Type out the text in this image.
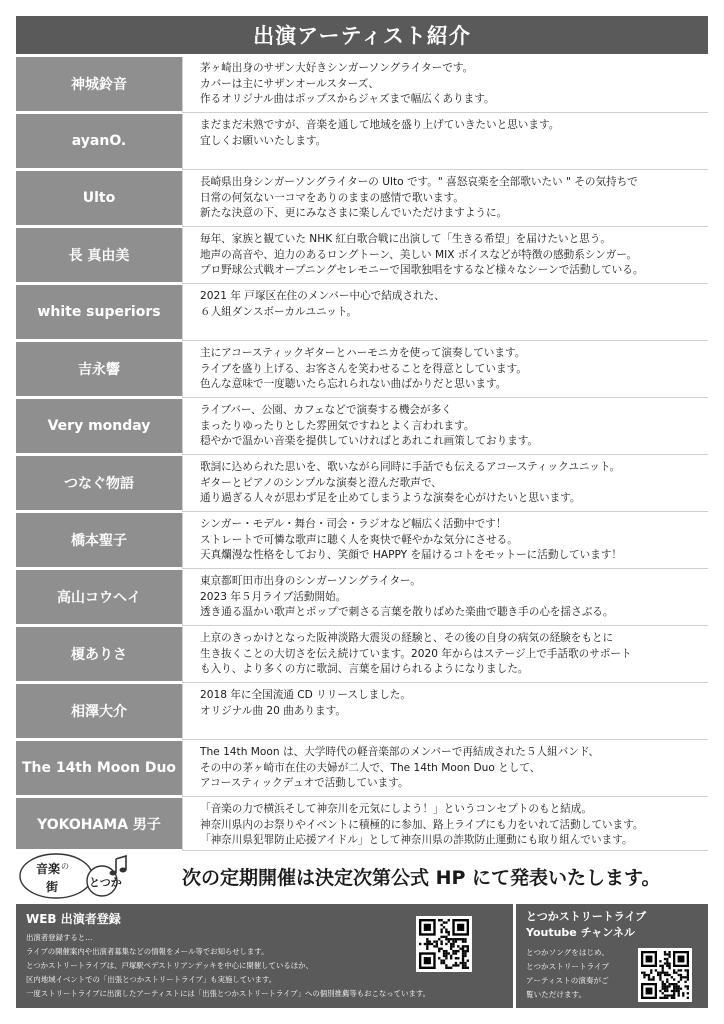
出演アーティスト紹介
神城鈴音
茅ヶ崎出身のサザン大好きシンガーソングライターです。
カバーは主にサザンオールスターズ、
作るオリジナル曲はポップスからジャズまで幅広くあります。
ayanO.
まだまだ未熟ですが、音楽を通して地域を盛り上げていきたいと思います。
宜しくお願いいたします。
Ulto
長崎県出身シンガーソングライターの Ulto です。" 喜怒哀楽を全部歌いたい " その気持ちで
日常の何気ない一コマをありのままの感情で歌います。
新たな決意の下、更にみなさまに楽しんでいただけますように。
長 真由美
毎年、家族と観ていた NHK 紅白歌合戦に出演して「生きる希望」を届けたいと思う。
地声の高音や、迫力のあるロングトーン、美しい MIX ボイスなどが特徴の感動系シンガー。
プロ野球公式戦オープニングセレモニーで国歌独唱をするなど様々なシーンで活動している。
white superiors
2021 年 戸塚区在住のメンバー中心で結成された、
６人組ダンスボーカルユニット。
吉永響
主にアコースティックギターとハーモニカを使って演奏しています。
ライブを盛り上げる、お客さんを笑わせることを得意としています。
色んな意味で一度聴いたら忘れられない曲ばかりだと思います。
Very monday
ライブバー、公園、カフェなどで演奏する機会が多く
まったりゆったりとした雰囲気ですねとよく言われます。
穏やかで温かい音楽を提供していければとあれこれ画策しております。
つなぐ物語
歌詞に込められた思いを、歌いながら同時に手話でも伝えるアコースティックユニット。
ギターとピアノのシンプルな演奏と澄んだ歌声で、
通り過ぎる人々が思わず足を止めてしまうような演奏を心がけたいと思います。
橋本聖子
シンガー・モデル・舞台・司会・ラジオなど幅広く活動中です！
ストレートで可憐な歌声に聴く人を爽快で軽やかな気分にさせる。
天真爛漫な性格をしており、笑顔で HAPPY を届けるコトをモットーに活動しています！
高山コウヘイ
東京都町田市出身のシンガーソングライター。
2023 年５月ライブ活動開始。
透き通る温かい歌声とポップで刺さる言葉を散りばめた楽曲で聴き手の心を揺さぶる。
榎ありさ
上京のきっかけとなった阪神淡路大震災の経験と、その後の自身の病気の経験をもとに
生き抜くことの大切さを伝え続けています。2020 年からはステージ上で手話歌のサポート
も入り、より多くの方に歌詞、言葉を届けられるようになりました。
相澤大介
2018 年に全国流通 CD リリースしました。
オリジナル曲 20 曲あります。
The 14th Moon Duo
The 14th Moon は、大学時代の軽音楽部のメンバーで再結成された５人組バンド、
その中の茅ヶ崎市在住の夫婦が二人で、The 14th Moon Duo として、
アコースティックデュオで活動しています。
YOKOHAMA 男子
「音楽の力で横浜そして神奈川を元気にしよう！」というコンセプトのもと結成。
神奈川県内のお祭りやイベントに積極的に参加、路上ライブにも力をいれて活動しています。
「神奈川県犯罪防止応援アイドル」として神奈川県の詐欺防止運動にも取り組んでいます。
音楽 の
街	とつか	次の定期開催は決定次第公式 HP にて発表いたします。
WEB 出演者登録
出演者登録すると…
ライブの開催案内や出演者募集などの情報をメール等でお知らせします。
とつかストリートライブは、戸塚駅ペデストリアンデッキを中心に開催しているほか、
区内地域イベントでの「出張とつかストリートライブ」も実施しています。
一度ストリートライブに出演したアーティストには「出張とつかストリートライブ」への個別推薦等もおこなっています。
とつかストリートライブ
Youtube チャンネル
とつかソングをはじめ、
とつかストリートライブ
アーティストの演奏がご
覧いただけます。
